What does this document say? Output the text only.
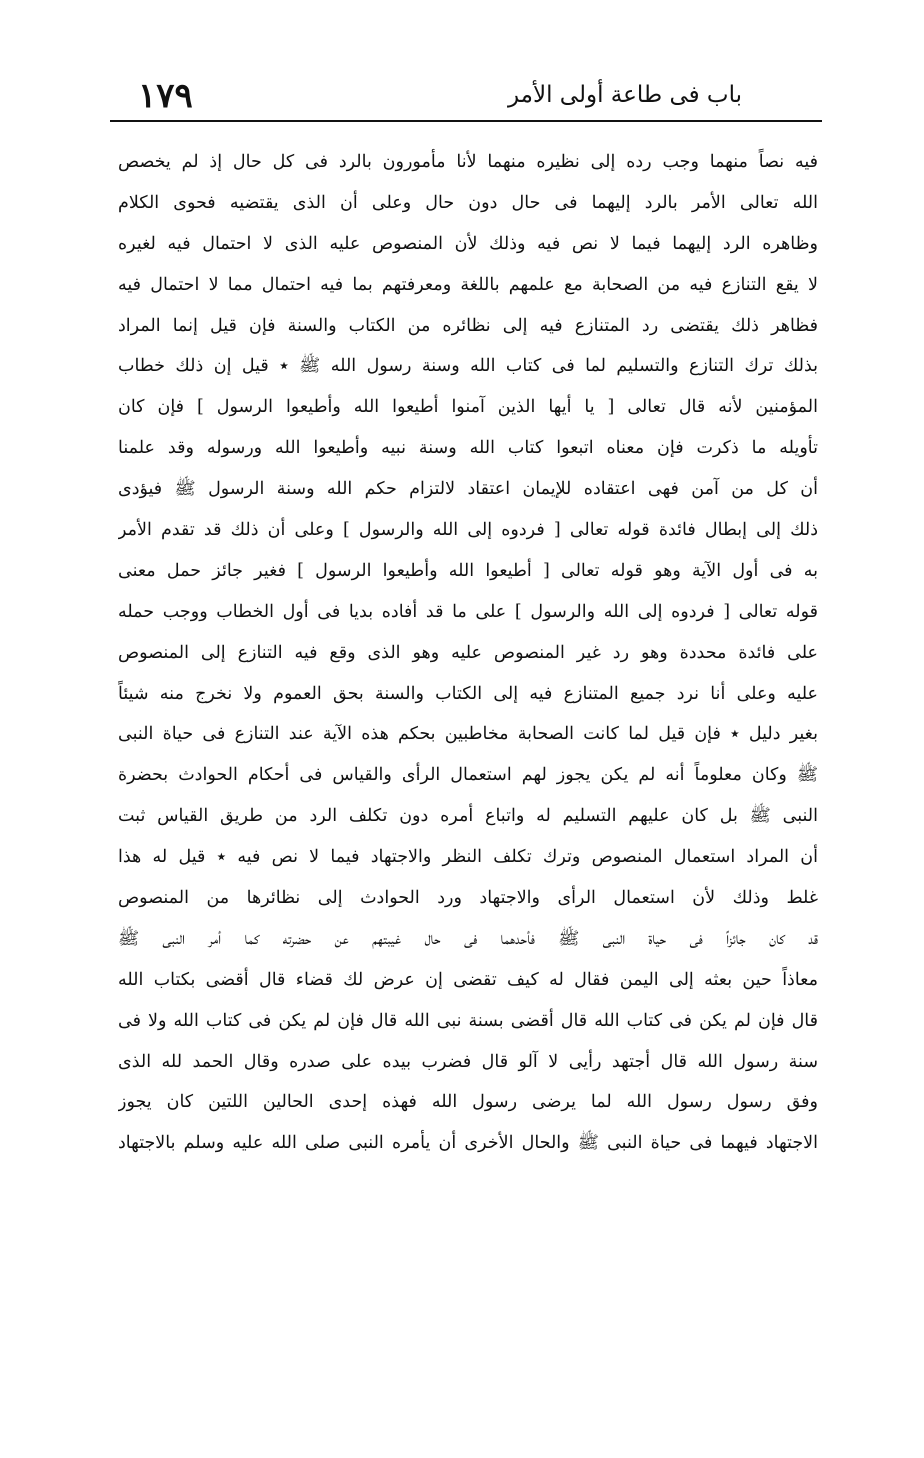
١٧٩	باب فى طاعة أولى الأمر
فيه نصاً منهما وجب رده إلى نظيره منهما لأنا مأمورون بالرد فى كل حال إذ لم يخصص
الله تعالى الأمر بالرد إليهما فى حال دون حال وعلى أن الذى يقتضيه فحوى الكلام
وظاهره الرد إليهما فيما لا نص فيه وذلك لأن المنصوص عليه الذى لا احتمال فيه لغيره
لا يقع التنازع فيه من الصحابة مع علمهم باللغة ومعرفتهم بما فيه احتمال مما لا احتمال فيه
فظاهر ذلك يقتضى رد المتنازع فيه إلى نظائره من الكتاب والسنة فإن قيل إنما المراد
بذلك ترك التنازع والتسليم لما فى كتاب الله وسنة رسول الله ﷺ ٭ قيل إن ذلك خطاب
المؤمنين لأنه قال تعالى [ يا أيها الذين آمنوا أطيعوا الله وأطيعوا الرسول ] فإن كان
تأويله ما ذكرت فإن معناه اتبعوا كتاب الله وسنة نبيه وأطيعوا الله ورسوله وقد علمنا
أن كل من آمن فهى اعتقاده للإيمان اعتقاد لالتزام حكم الله وسنة الرسول ﷺ فيؤدى
ذلك إلى إبطال فائدة قوله تعالى [ فردوه إلى الله والرسول ] وعلى أن ذلك قد تقدم الأمر
به فى أول الآية وهو قوله تعالى [ أطيعوا الله وأطيعوا الرسول ] فغير جائز حمل معنى
قوله تعالى [ فردوه إلى الله والرسول ] على ما قد أفاده بديا فى أول الخطاب ووجب حمله
على فائدة محددة وهو رد غير المنصوص عليه وهو الذى وقع فيه التنازع إلى المنصوص
عليه وعلى أنا نرد جميع المتنازع فيه إلى الكتاب والسنة بحق العموم ولا نخرج منه شيئاً
بغير دليل ٭ فإن قيل لما كانت الصحابة مخاطبين بحكم هذه الآية عند التنازع فى حياة النبى
ﷺ وكان معلوماً أنه لم يكن يجوز لهم استعمال الرأى والقياس فى أحكام الحوادث بحضرة
النبى ﷺ بل كان عليهم التسليم له واتباع أمره دون تكلف الرد من طريق القياس ثبت
أن المراد استعمال المنصوص وترك تكلف النظر والاجتهاد فيما لا نص فيه ٭ قيل له هذا
غلط وذلك لأن استعمال الرأى والاجتهاد ورد الحوادث إلى نظائرها من المنصوص
قد كان جائزاً فى حياة النبى ﷺ فأحدهما فى حال غيبتهم عن حضرته كما أمر النبى ﷺ
معاذاً حين بعثه إلى اليمن فقال له كيف تقضى إن عرض لك قضاء قال أقضى بكتاب الله
قال فإن لم يكن فى كتاب الله قال أقضى بسنة نبى الله قال فإن لم يكن فى كتاب الله ولا فى
سنة رسول الله قال أجتهد رأيى لا آلو قال فضرب بيده على صدره وقال الحمد لله الذى
وفق رسول رسول الله لما يرضى رسول الله فهذه إحدى الحالين اللتين كان يجوز
الاجتهاد فيهما فى حياة النبى ﷺ والحال الأخرى أن يأمره النبى صلى الله عليه وسلم بالاجتهاد
